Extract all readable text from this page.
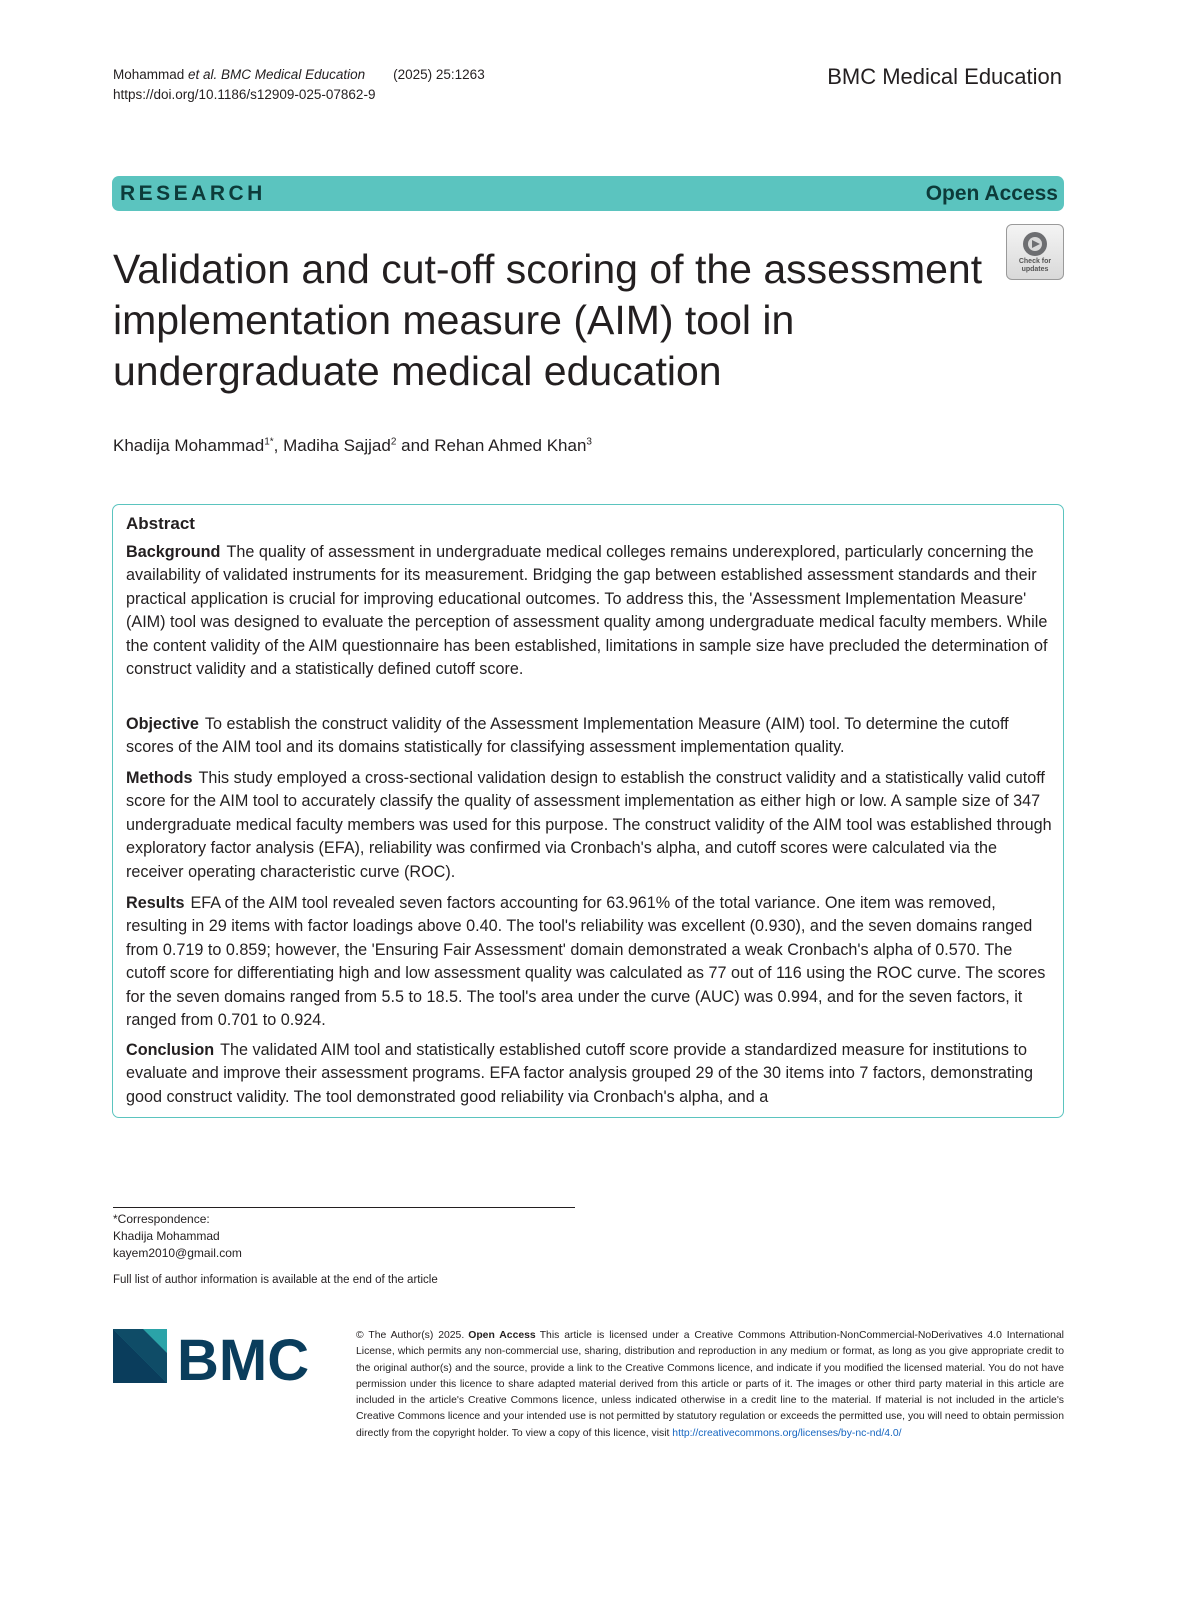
Mohammad et al. BMC Medical Education (2025) 25:1263
https://doi.org/10.1186/s12909-025-07862-9
BMC Medical Education
RESEARCH	Open Access
Check for updates
Validation and cut-off scoring of the assessment implementation measure (AIM) tool in undergraduate medical education
Khadija Mohammad$^{1*}$, Madiha Sajjad$^2$ and Rehan Ahmed Khan$^3$
Abstract

Background The quality of assessment in undergraduate medical colleges remains underexplored, particularly concerning the availability of validated instruments for its measurement. Bridging the gap between established assessment standards and their practical application is crucial for improving educational outcomes. To address this, the 'Assessment Implementation Measure' (AIM) tool was designed to evaluate the perception of assessment quality among undergraduate medical faculty members. While the content validity of the AIM questionnaire has been established, limitations in sample size have precluded the determination of construct validity and a statistically defined cutoff score.

Objective To establish the construct validity of the Assessment Implementation Measure (AIM) tool. To determine the cutoff scores of the AIM tool and its domains statistically for classifying assessment implementation quality.

Methods This study employed a cross-sectional validation design to establish the construct validity and a statistically valid cutoff score for the AIM tool to accurately classify the quality of assessment implementation as either high or low. A sample size of 347 undergraduate medical faculty members was used for this purpose. The construct validity of the AIM tool was established through exploratory factor analysis (EFA), reliability was confirmed via Cronbach's alpha, and cutoff scores were calculated via the receiver operating characteristic curve (ROC).

Results EFA of the AIM tool revealed seven factors accounting for 63.961% of the total variance. One item was removed, resulting in 29 items with factor loadings above 0.40. The tool's reliability was excellent (0.930), and the seven domains ranged from 0.719 to 0.859; however, the 'Ensuring Fair Assessment' domain demonstrated a weak Cronbach's alpha of 0.570. The cutoff score for differentiating high and low assessment quality was calculated as 77 out of 116 using the ROC curve. The scores for the seven domains ranged from 5.5 to 18.5. The tool's area under the curve (AUC) was 0.994, and for the seven factors, it ranged from 0.701 to 0.924.

Conclusion The validated AIM tool and statistically established cutoff score provide a standardized measure for institutions to evaluate and improve their assessment programs. EFA factor analysis grouped 29 of the 30 items into 7 factors, demonstrating good construct validity. The tool demonstrated good reliability via Cronbach's alpha, and a

*Correspondence:
Khadija Mohammad
kayem2010@gmail.com
Full list of author information is available at the end of the article
BMC	© The Author(s) 2025. Open Access This article is licensed under a Creative Commons Attribution-NonCommercial-NoDerivatives 4.0 International License, which permits any non-commercial use, sharing, distribution and reproduction in any medium or format, as long as you give appropriate credit to the original author(s) and the source, provide a link to the Creative Commons licence, and indicate if you modified the licensed material. You do not have permission under this licence to share adapted material derived from this article or parts of it. The images or other third party material in this article are included in the article's Creative Commons licence, unless indicated otherwise in a credit line to the material. If material is not included in the article's Creative Commons licence and your intended use is not permitted by statutory regulation or exceeds the permitted use, you will need to obtain permission directly from the copyright holder. To view a copy of this licence, visit http://creativecommons.org/licenses/by-nc-nd/4.0/
